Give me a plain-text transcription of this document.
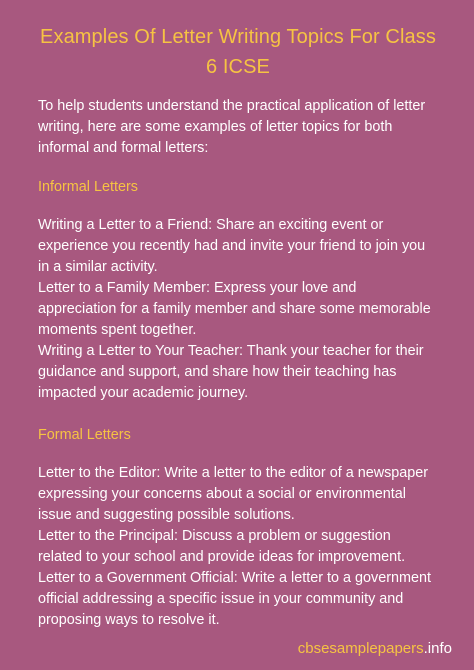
Examples Of Letter Writing Topics For Class 6 ICSE

To help students understand the practical application of letter writing, here are some examples of letter topics for both informal and formal letters:

Informal Letters
Writing a Letter to a Friend: Share an exciting event or experience you recently had and invite your friend to join you in a similar activity.
Letter to a Family Member: Express your love and appreciation for a family member and share some memorable moments spent together.
Writing a Letter to Your Teacher: Thank your teacher for their guidance and support, and share how their teaching has impacted your academic journey.
Formal Letters
Letter to the Editor: Write a letter to the editor of a newspaper expressing your concerns about a social or environmental issue and suggesting possible solutions.
Letter to the Principal: Discuss a problem or suggestion related to your school and provide ideas for improvement.
Letter to a Government Official: Write a letter to a government official addressing a specific issue in your community and proposing ways to resolve it.
cbsesamplepapers.info
